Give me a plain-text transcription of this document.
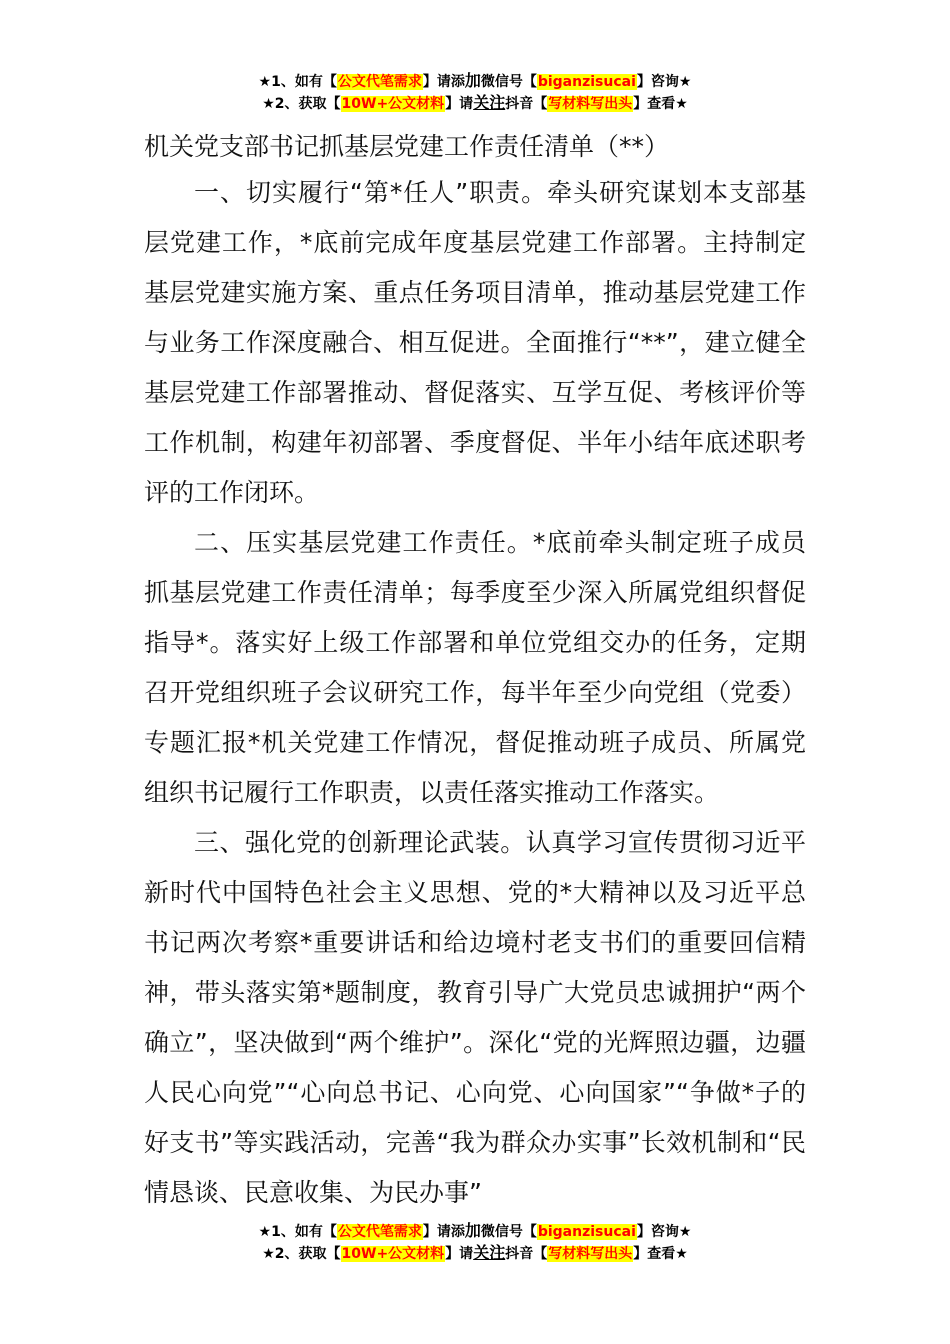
★1、如有【公文代笔需求】请添加微信号【biganzisucai】咨询★
★2、获取【10W+公文材料】请关注抖音【写材料写出头】查看★
机关党支部书记抓基层党建工作责任清单（**）

一、切实履行“第*任人”职责。牵头研究谋划本支部基层党建工作，*底前完成年度基层党建工作部署。主持制定基层党建实施方案、重点任务项目清单，推动基层党建工作与业务工作深度融合、相互促进。全面推行“**”，建立健全基层党建工作部署推动、督促落实、互学互促、考核评价等工作机制，构建年初部署、季度督促、半年小结年底述职考评的工作闭环。

二、压实基层党建工作责任。*底前牵头制定班子成员抓基层党建工作责任清单；每季度至少深入所属党组织督促指导*。落实好上级工作部署和单位党组交办的任务，定期召开党组织班子会议研究工作，每半年至少向党组（党委）专题汇报*机关党建工作情况，督促推动班子成员、所属党组织书记履行工作职责，以责任落实推动工作落实。

三、强化党的创新理论武装。认真学习宣传贯彻习近平新时代中国特色社会主义思想、党的*大精神以及习近平总书记两次考察*重要讲话和给边境村老支书们的重要回信精神，带头落实第*题制度，教育引导广大党员忠诚拥护“两个确立”，坚决做到“两个维护”。深化“党的光辉照边疆，边疆人民心向党”“心向总书记、心向党、心向国家”“争做*子的好支书”等实践活动，完善“我为群众办实事”长效机制和“民情恳谈、民意收集、为民办事”

★1、如有【公文代笔需求】请添加微信号【biganzisucai】咨询★
★2、获取【10W+公文材料】请关注抖音【写材料写出头】查看★
